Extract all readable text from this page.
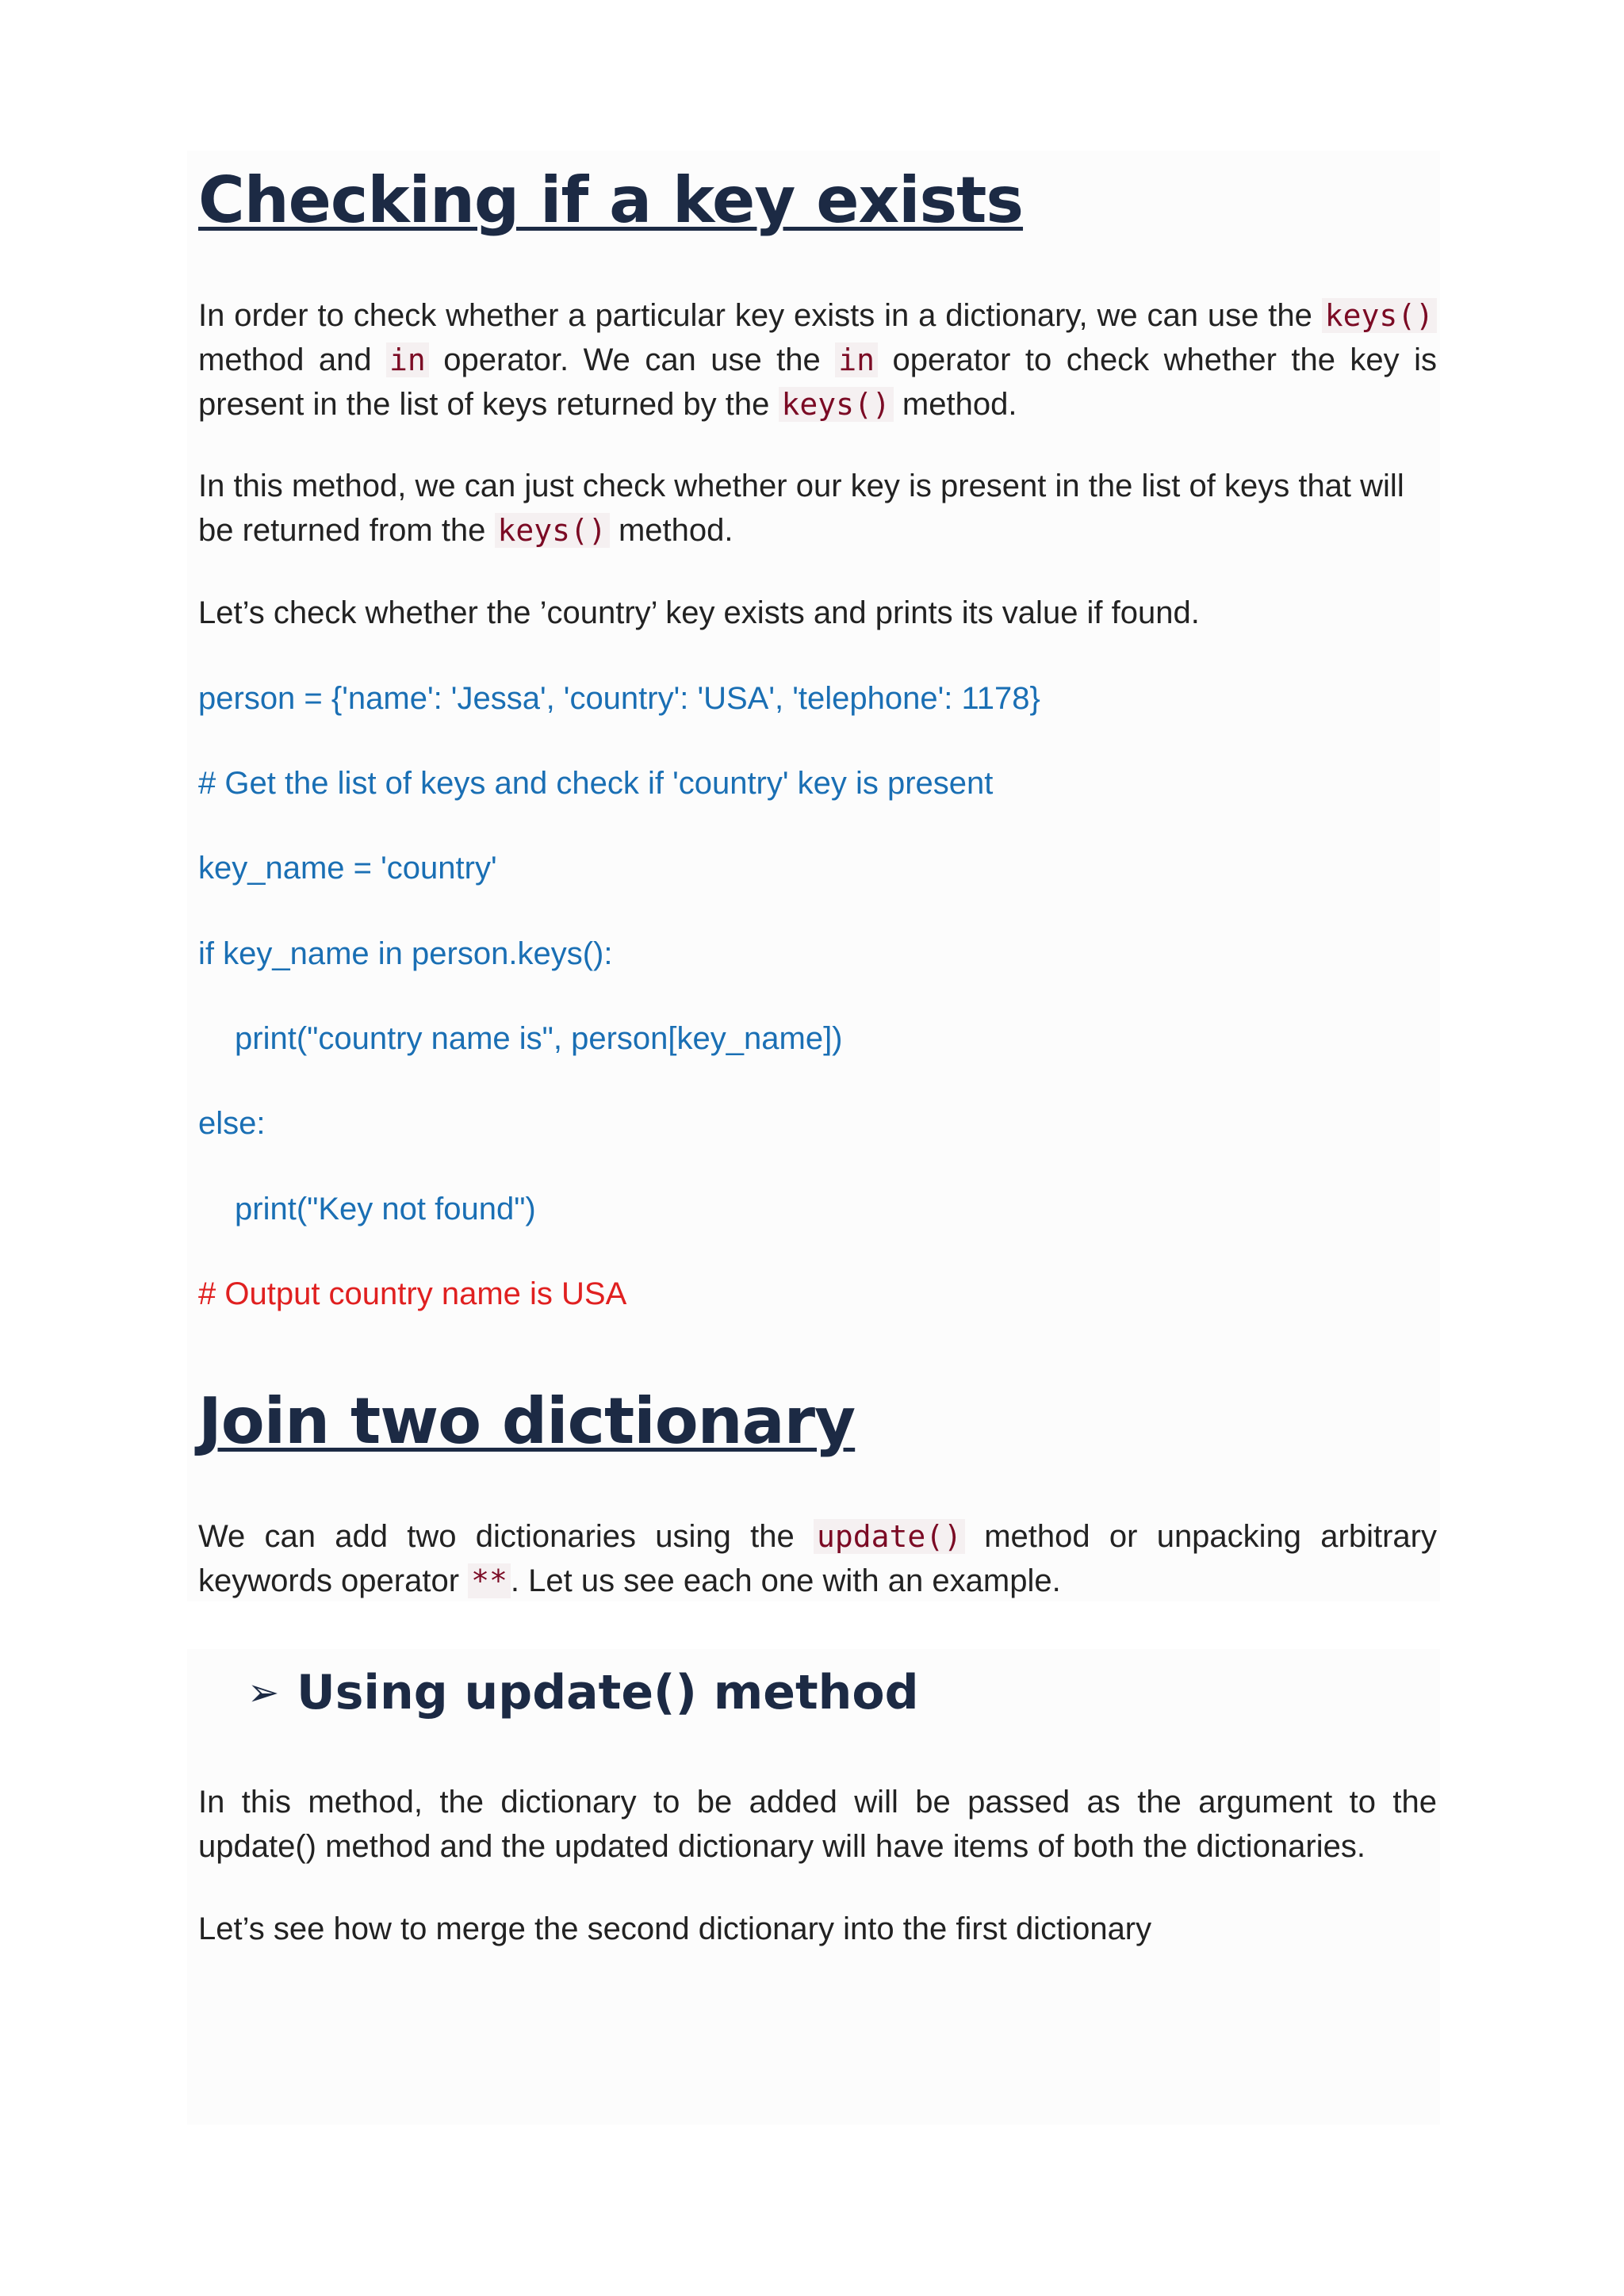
Checking if a key exists

In order to check whether a particular key exists in a dictionary, we can use the keys() method and in operator. We can use the in operator to check whether the key is present in the list of keys returned by the keys() method.

In this method, we can just check whether our key is present in the list of keys that will be returned from the keys() method.

Let’s check whether the ’country’ key exists and prints its value if found.

person = {'name': 'Jessa', 'country': 'USA', 'telephone': 1178}
# Get the list of keys and check if 'country' key is present
key_name = 'country'
if key_name in person.keys():
print("country name is", person[key_name])
else:
print("Key not found")
# Output country name is USA
Join two dictionary

We can add two dictionaries using the update() method or unpacking arbitrary keywords operator ** . Let us see each one with an example.

➢ Using update() method

In this method, the dictionary to be added will be passed as the argument to the update() method and the updated dictionary will have items of both the dictionaries.

Let’s see how to merge the second dictionary into the first dictionary
